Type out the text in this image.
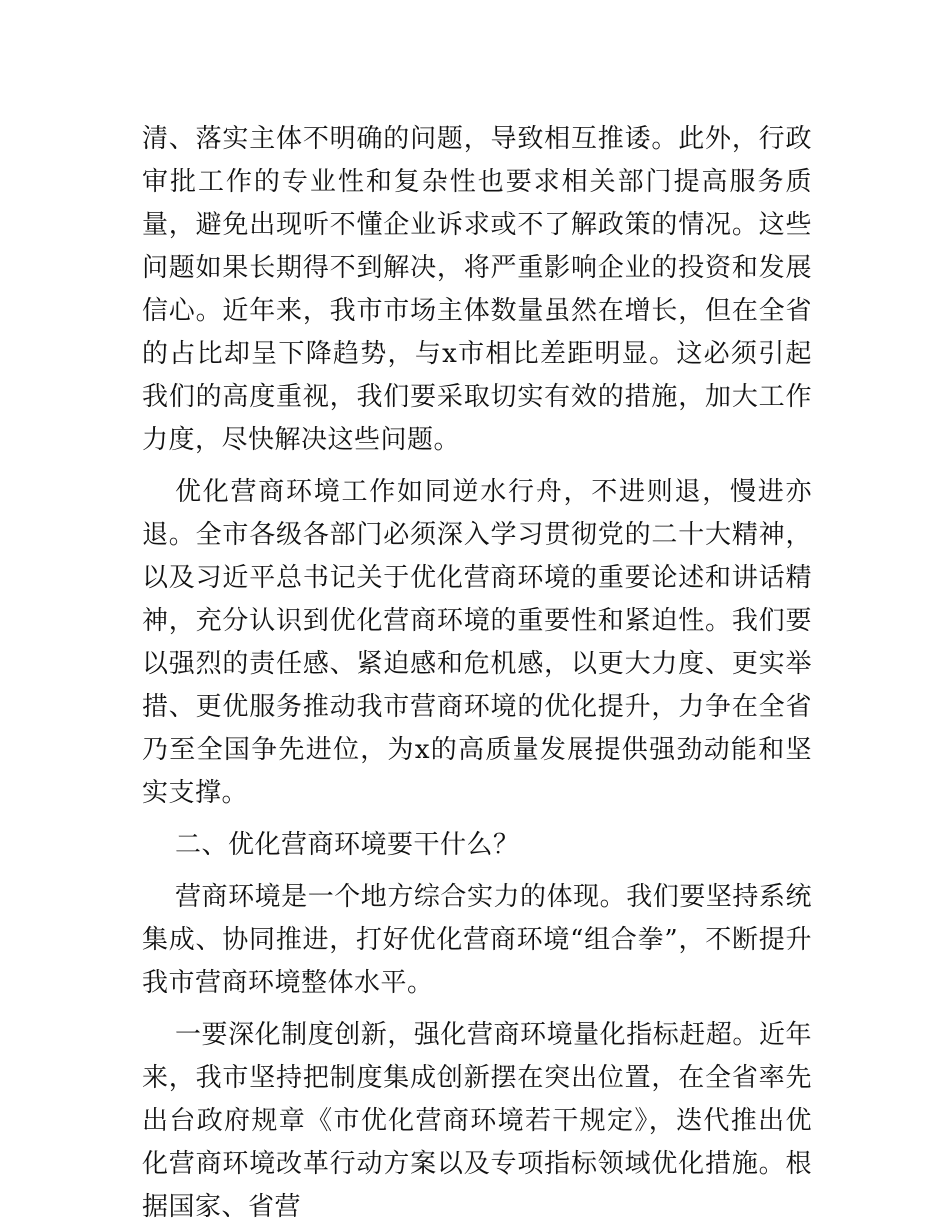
清、落实主体不明确的问题，导致相互推诿。此外，行政审批工作的专业性和复杂性也要求相关部门提高服务质量，避免出现听不懂企业诉求或不了解政策的情况。这些问题如果长期得不到解决，将严重影响企业的投资和发展信心。近年来，我市市场主体数量虽然在增长，但在全省的占比却呈下降趋势，与x市相比差距明显。这必须引起我们的高度重视，我们要采取切实有效的措施，加大工作力度，尽快解决这些问题。

优化营商环境工作如同逆水行舟，不进则退，慢进亦退。全市各级各部门必须深入学习贯彻党的二十大精神，以及习近平总书记关于优化营商环境的重要论述和讲话精神，充分认识到优化营商环境的重要性和紧迫性。我们要以强烈的责任感、紧迫感和危机感，以更大力度、更实举措、更优服务推动我市营商环境的优化提升，力争在全省乃至全国争先进位，为x的高质量发展提供强劲动能和坚实支撑。

二、优化营商环境要干什么？

营商环境是一个地方综合实力的体现。我们要坚持系统集成、协同推进，打好优化营商环境“组合拳”，不断提升我市营商环境整体水平。

一要深化制度创新，强化营商环境量化指标赶超。近年来，我市坚持把制度集成创新摆在突出位置，在全省率先出台政府规章《市优化营商环境若干规定》，迭代推出优化营商环境改革行动方案以及专项指标领域优化措施。根据国家、省营
